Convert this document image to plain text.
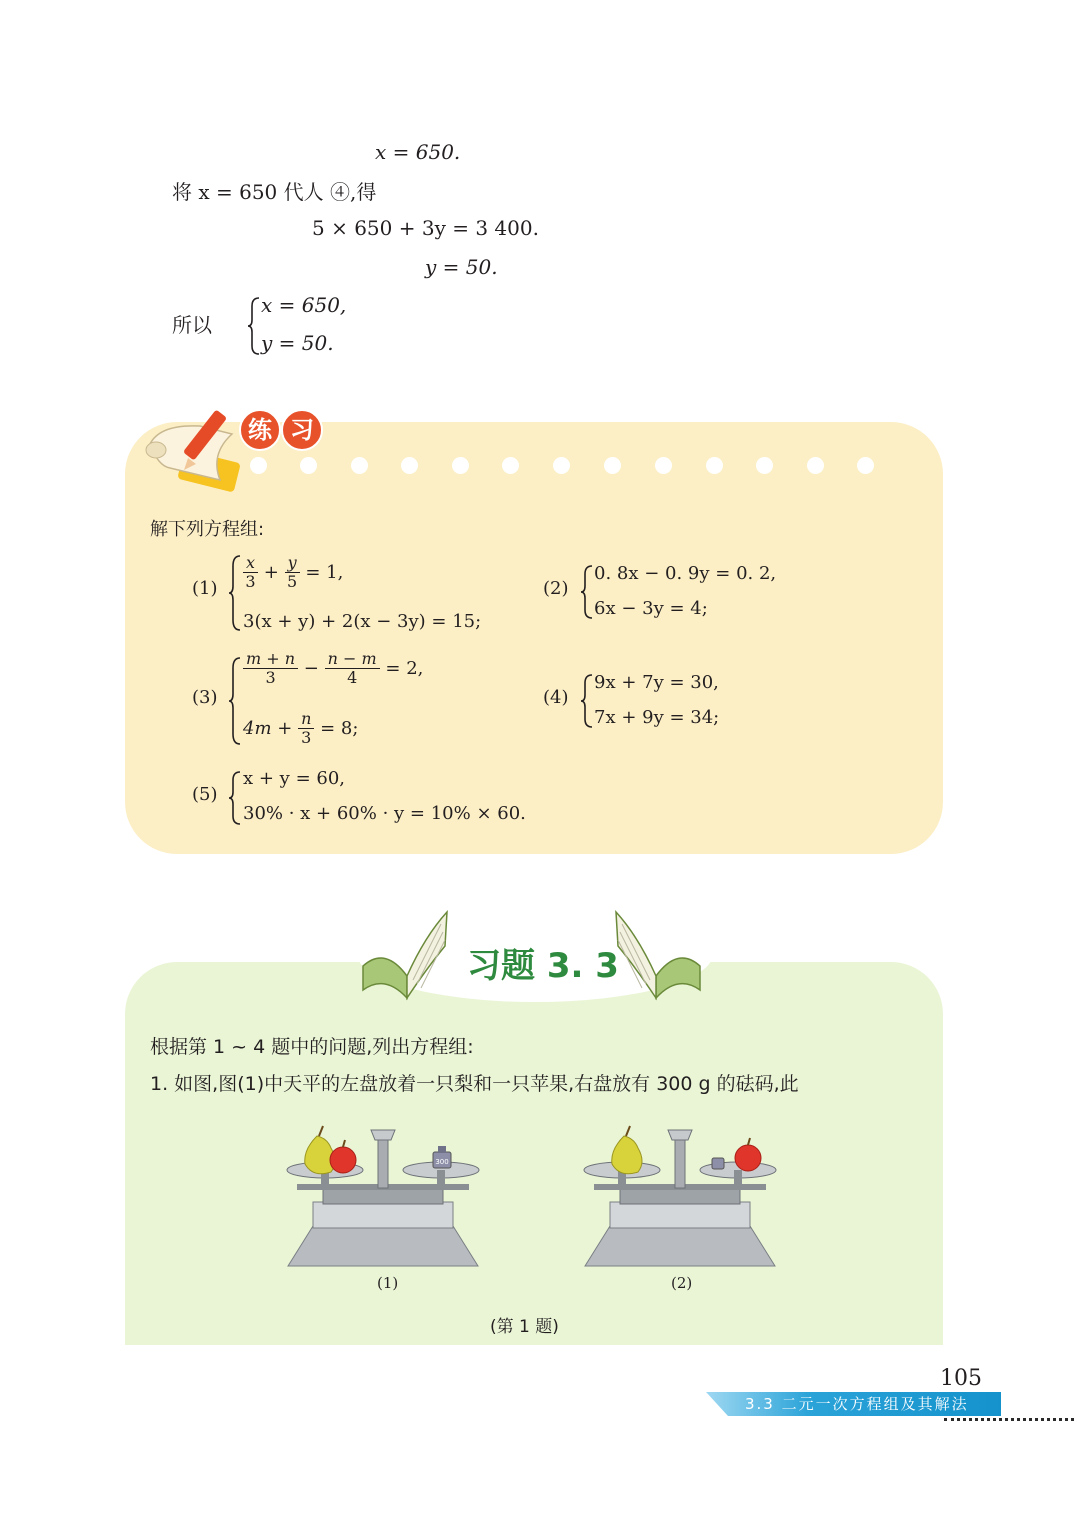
x = 650.
将 x = 650 代人 ④,得
5 × 650 + 3y = 3 400.
y = 50.
所以
x = 650,
y = 50.
练 习
解下列方程组:
$(1) \frac{x}{3} + \frac{y}{5} = 1$,
3(x + y) + 2(x − 3y) = 15;
(2)
0. 8x − 0. 9y = 0. 2,
6x − 3y = 4;
(3)
$\frac{m + n}{3} - \frac{n - m}{4} = 2$,
$4m + \frac{n}{3} = 8$;
(4)
9x + 7y = 30,
7x + 9y = 34;
(5)
x + y = 60,
30% · x + 60% · y = 10% × 60.
习题 3. 3
根据第 1 ~ 4 题中的问题,列出方程组:
1. 如图,图(1)中天平的左盘放着一只梨和一只苹果,右盘放有 300 g 的砝码,此
300
(1)	(2)
(第 1 题)
105
3.3 二元一次方程组及其解法
